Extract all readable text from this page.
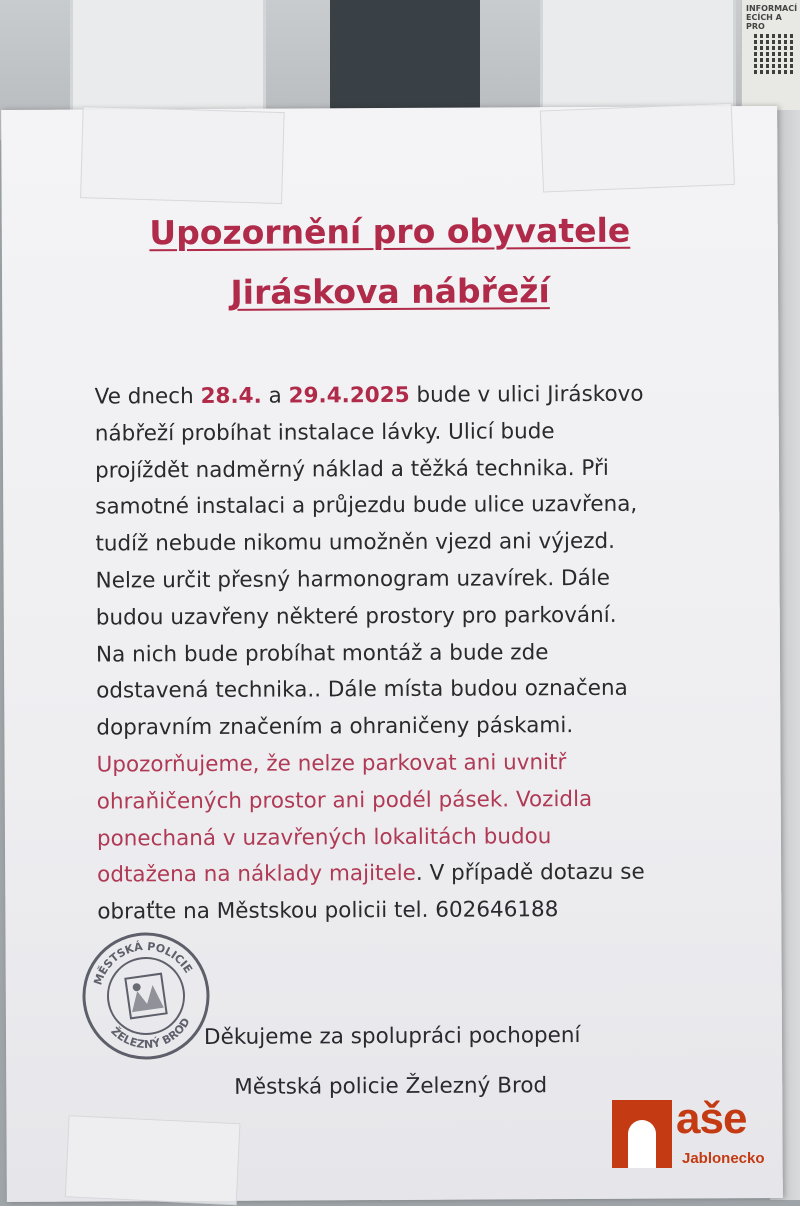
INFORMACÍ
ECÍCH A
PRO
Upozornění pro obyvatele
Jiráskova nábřeží
Ve dnech 28.4. a 29.4.2025 bude v ulici Jiráskovo
nábřeží probíhat instalace lávky. Ulicí bude
projíždět nadměrný náklad a těžká technika. Při
samotné instalaci a průjezdu bude ulice uzavřena,
tudíž nebude nikomu umožněn vjezd ani výjezd.
Nelze určit přesný harmonogram uzavírek. Dále
budou uzavřeny některé prostory pro parkování.
Na nich bude probíhat montáž a bude zde
odstavená technika.. Dále místa budou označena
dopravním značením a ohraničeny páskami.
Upozorňujeme, že nelze parkovat ani uvnitř
ohraňičených prostor ani podél pásek. Vozidla
ponechaná v uzavřených lokalitách budou
odtažena na náklady majitele. V případě dotazu se
obraťte na Městskou policii tel. 602646188
Děkujeme za spolupráci pochopení
Městská policie Železný Brod
MĚSTSKÁ POLICIE
ŽELEZNÝ BROD
aše
Jablonecko
